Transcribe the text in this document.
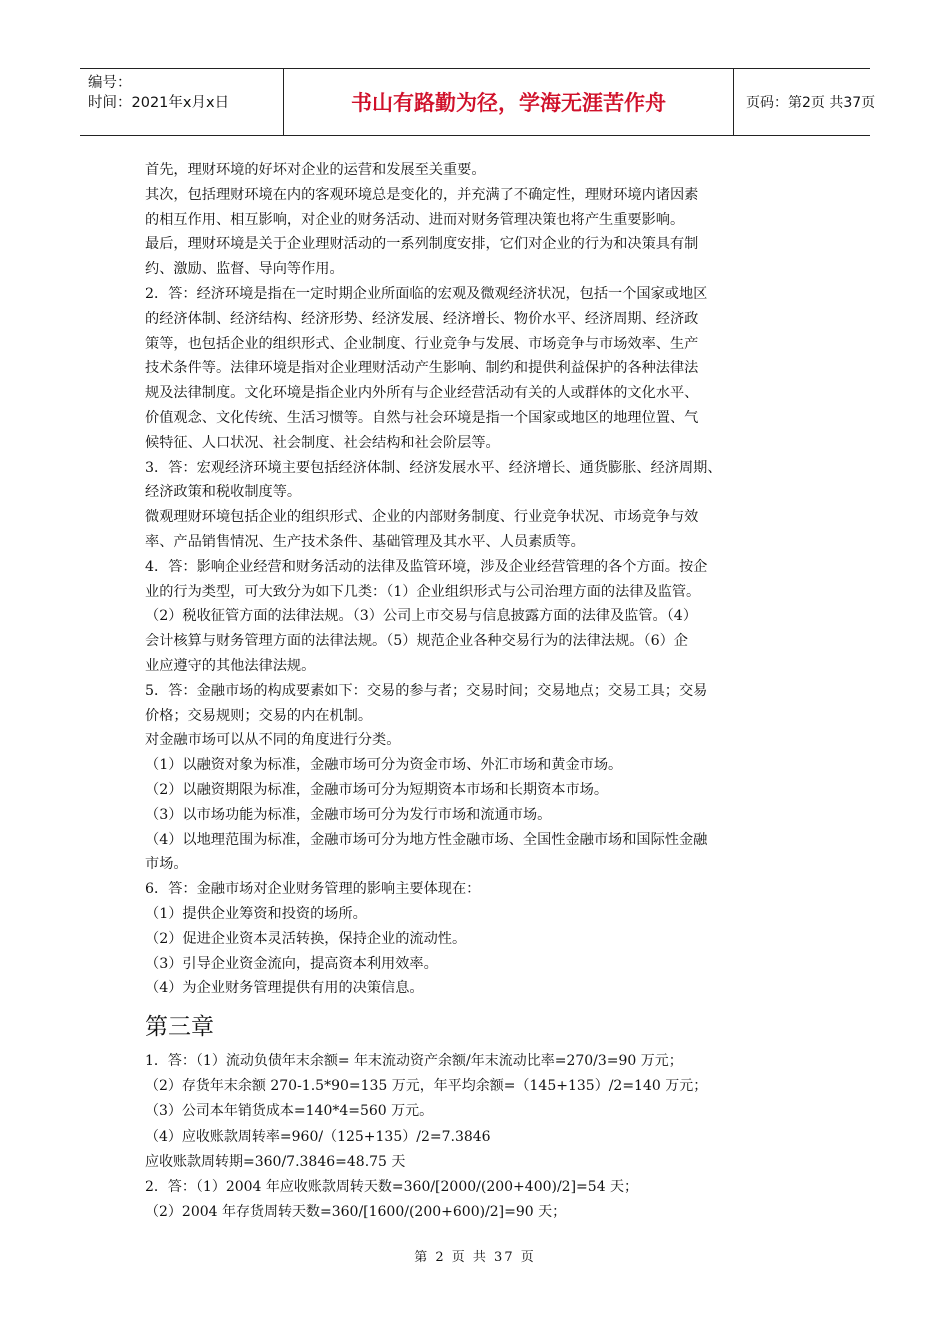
编号：
时间：2021年x月x日	书山有路勤为径，学海无涯苦作舟	页码：第2页 共37页
首先，理财环境的好坏对企业的运营和发展至关重要。
其次，包括理财环境在内的客观环境总是变化的，并充满了不确定性，理财环境内诸因素
的相互作用、相互影响，对企业的财务活动、进而对财务管理决策也将产生重要影响。
最后，理财环境是关于企业理财活动的一系列制度安排，它们对企业的行为和决策具有制
约、激励、监督、导向等作用。
2．答：经济环境是指在一定时期企业所面临的宏观及微观经济状况，包括一个国家或地区
的经济体制、经济结构、经济形势、经济发展、经济增长、物价水平、经济周期、经济政
策等，也包括企业的组织形式、企业制度、行业竞争与发展、市场竞争与市场效率、生产
技术条件等。法律环境是指对企业理财活动产生影响、制约和提供利益保护的各种法律法
规及法律制度。文化环境是指企业内外所有与企业经营活动有关的人或群体的文化水平、
价值观念、文化传统、生活习惯等。自然与社会环境是指一个国家或地区的地理位置、气
候特征、人口状况、社会制度、社会结构和社会阶层等。
3．答：宏观经济环境主要包括经济体制、经济发展水平、经济增长、通货膨胀、经济周期、
经济政策和税收制度等。
微观理财环境包括企业的组织形式、企业的内部财务制度、行业竞争状况、市场竞争与效
率、产品销售情况、生产技术条件、基础管理及其水平、人员素质等。
4．答：影响企业经营和财务活动的法律及监管环境，涉及企业经营管理的各个方面。按企
业的行为类型，可大致分为如下几类：（1）企业组织形式与公司治理方面的法律及监管。
（2）税收征管方面的法律法规。（3）公司上市交易与信息披露方面的法律及监管。（4）
会计核算与财务管理方面的法律法规。（5）规范企业各种交易行为的法律法规。（6）企
业应遵守的其他法律法规。
5．答：金融市场的构成要素如下：交易的参与者；交易时间；交易地点；交易工具；交易
价格；交易规则；交易的内在机制。
对金融市场可以从不同的角度进行分类。
（1）以融资对象为标准，金融市场可分为资金市场、外汇市场和黄金市场。
（2）以融资期限为标准，金融市场可分为短期资本市场和长期资本市场。
（3）以市场功能为标准，金融市场可分为发行市场和流通市场。
（4）以地理范围为标准，金融市场可分为地方性金融市场、全国性金融市场和国际性金融
市场。
6．答：金融市场对企业财务管理的影响主要体现在：
（1）提供企业筹资和投资的场所。
（2）促进企业资本灵活转换，保持企业的流动性。
（3）引导企业资金流向，提高资本利用效率。
（4）为企业财务管理提供有用的决策信息。
第三章
1．答：（1）流动负债年末余额= 年末流动资产余额/年末流动比率=270/3=90 万元；
（2）存货年末余额 270-1.5*90=135 万元，年平均余额=（145+135）/2=140 万元；
（3）公司本年销货成本=140*4=560 万元。
（4）应收账款周转率=960/（125+135）/2=7.3846
应收账款周转期=360/7.3846=48.75 天
2．答：（1）2004 年应收账款周转天数=360/[2000/(200+400)/2]=54 天；
（2）2004 年存货周转天数=360/[1600/(200+600)/2]=90 天；
第 2 页 共 37 页
